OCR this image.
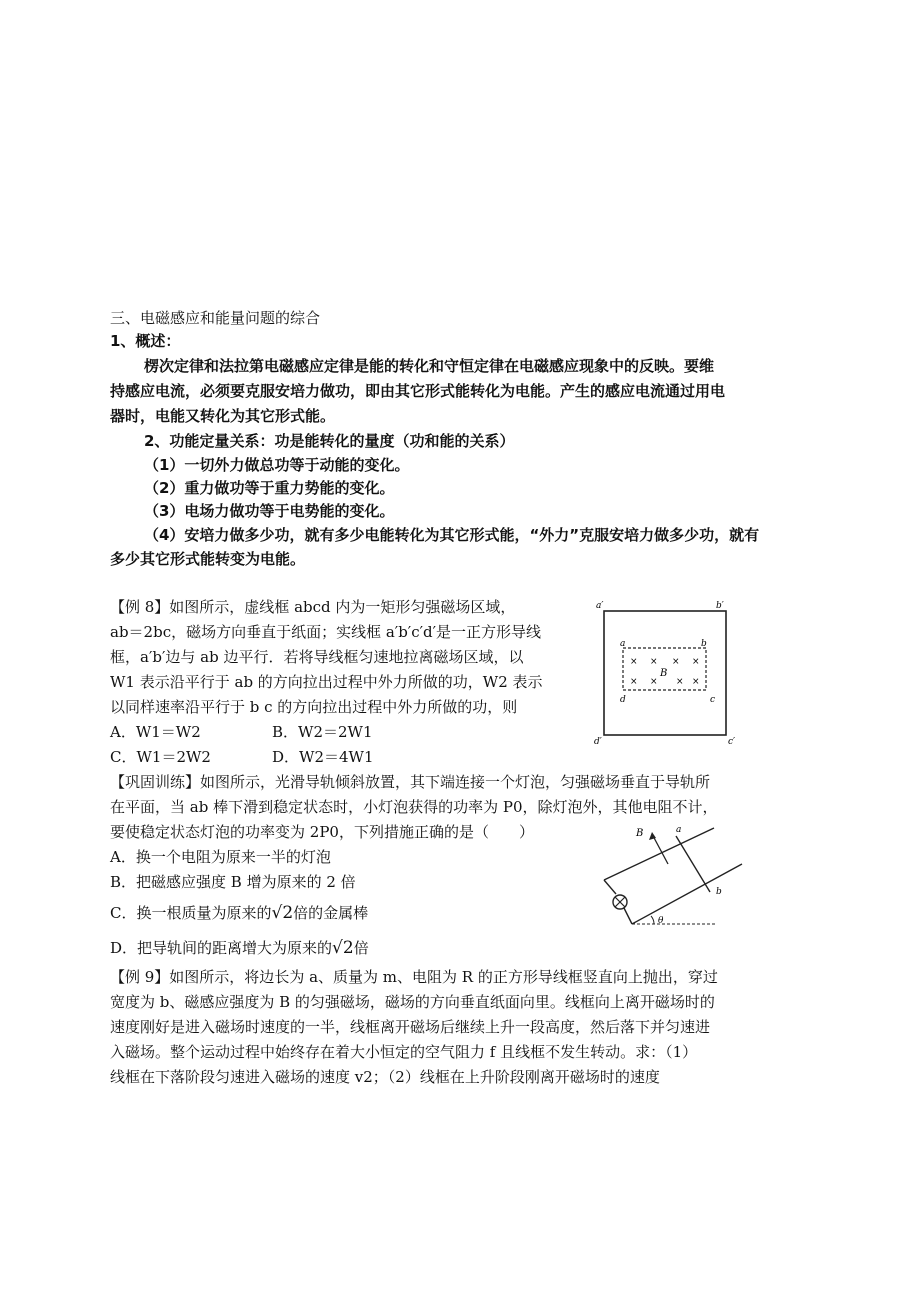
三、电磁感应和能量问题的综合
1、概述：
楞次定律和法拉第电磁感应定律是能的转化和守恒定律在电磁感应现象中的反映。要维
持感应电流，必须要克服安培力做功，即由其它形式能转化为电能。产生的感应电流通过用电
器时，电能又转化为其它形式能。
2、功能定量关系：功是能转化的量度（功和能的关系）
（1）一切外力做总功等于动能的变化。
（2）重力做功等于重力势能的变化。
（3）电场力做功等于电势能的变化。
（4）安培力做多少功，就有多少电能转化为其它形式能，“外力”克服安培力做多少功，就有
多少其它形式能转变为电能。
【例 8】如图所示，虚线框 abcd 内为一矩形匀强磁场区域，
ab＝2bc，磁场方向垂直于纸面；实线框 a′b′c′d′是一正方形导线
框，a′b′边与 ab 边平行．若将导线框匀速地拉离磁场区域，以
W1 表示沿平行于 ab 的方向拉出过程中外力所做的功，W2 表示
以同样速率沿平行于 b c 的方向拉出过程中外力所做的功，则
A．W1＝W2	B．W2＝2W1
C．W1＝2W2	D．W2＝4W1
a′	b′
c′
d′
a	b
c
d
B
× × × ×
× × × ×
【巩固训练】如图所示，光滑导轨倾斜放置，其下端连接一个灯泡，匀强磁场垂直于导轨所
在平面，当 ab 棒下滑到稳定状态时，小灯泡获得的功率为 P0，除灯泡外，其他电阻不计，
要使稳定状态灯泡的功率变为 2P0，下列措施正确的是（　　）
A．换一个电阻为原来一半的灯泡
B．把磁感应强度 B 增为原来的 2 倍
C．换一根质量为原来的√2倍的金属棒
D．把导轨间的距离增大为原来的√2倍
B	a
b
θ
【例 9】如图所示，将边长为 a、质量为 m、电阻为 R 的正方形导线框竖直向上抛出，穿过
宽度为 b、磁感应强度为 B 的匀强磁场，磁场的方向垂直纸面向里。线框向上离开磁场时的
速度刚好是进入磁场时速度的一半，线框离开磁场后继续上升一段高度，然后落下并匀速进
入磁场。整个运动过程中始终存在着大小恒定的空气阻力 f 且线框不发生转动。求：（1）
线框在下落阶段匀速进入磁场的速度 v2；（2）线框在上升阶段刚离开磁场时的速度
